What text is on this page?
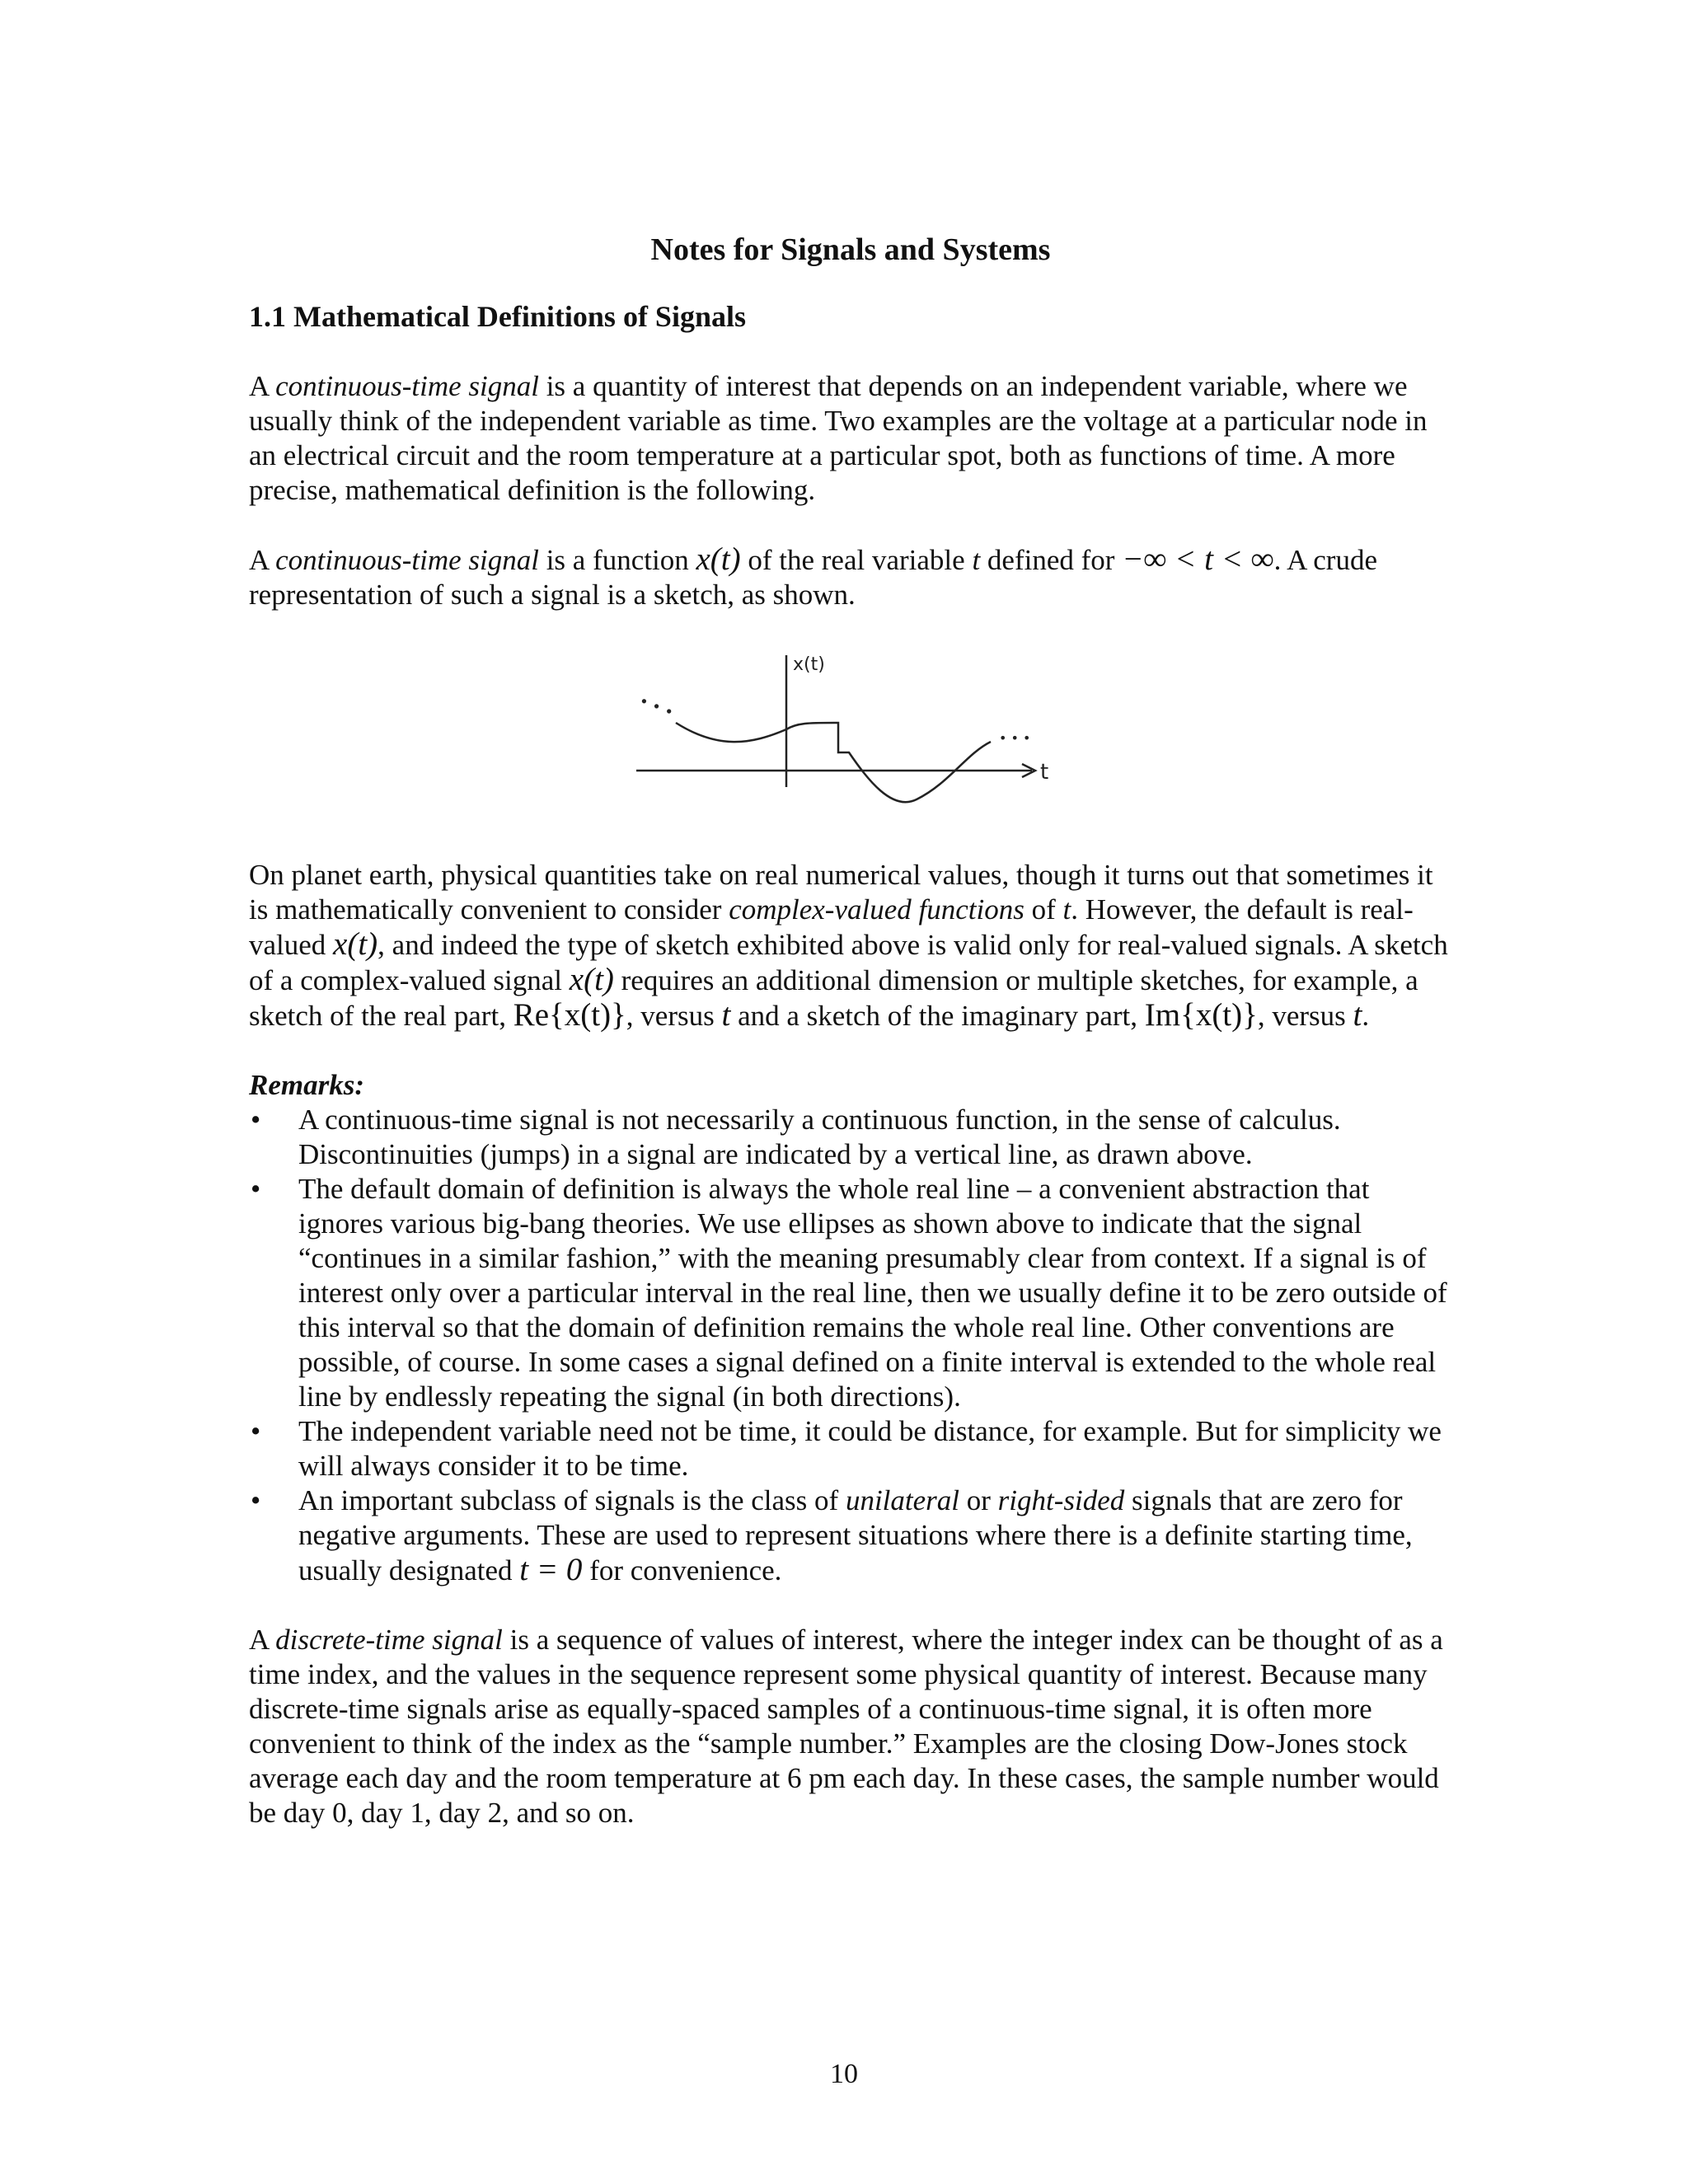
Notes for Signals and Systems
1.1 Mathematical Definitions of Signals

A continuous-time signal is a quantity of interest that depends on an independent variable, where we usually think of the independent variable as time. Two examples are the voltage at a particular node in an electrical circuit and the room temperature at a particular spot, both as functions of time. A more precise, mathematical definition is the following.

A continuous-time signal is a function x(t) of the real variable t defined for −∞ < t < ∞. A crude representation of such a signal is a sketch, as shown.

x(t)
t
• • •
• • •

On planet earth, physical quantities take on real numerical values, though it turns out that sometimes it is mathematically convenient to consider complex-valued functions of t. However, the default is real-valued x(t), and indeed the type of sketch exhibited above is valid only for real-valued signals. A sketch of a complex-valued signal x(t) requires an additional dimension or multiple sketches, for example, a sketch of the real part, Re{x(t)}, versus t and a sketch of the imaginary part, Im{x(t)}, versus t.

Remarks:
• A continuous-time signal is not necessarily a continuous function, in the sense of calculus. Discontinuities (jumps) in a signal are indicated by a vertical line, as drawn above.
• The default domain of definition is always the whole real line – a convenient abstraction that ignores various big-bang theories. We use ellipses as shown above to indicate that the signal “continues in a similar fashion,” with the meaning presumably clear from context. If a signal is of interest only over a particular interval in the real line, then we usually define it to be zero outside of this interval so that the domain of definition remains the whole real line. Other conventions are possible, of course. In some cases a signal defined on a finite interval is extended to the whole real line by endlessly repeating the signal (in both directions).
• The independent variable need not be time, it could be distance, for example. But for simplicity we will always consider it to be time.
• An important subclass of signals is the class of unilateral or right-sided signals that are zero for negative arguments. These are used to represent situations where there is a definite starting time, usually designated t = 0 for convenience.

A discrete-time signal is a sequence of values of interest, where the integer index can be thought of as a time index, and the values in the sequence represent some physical quantity of interest. Because many discrete-time signals arise as equally-spaced samples of a continuous-time signal, it is often more convenient to think of the index as the “sample number.” Examples are the closing Dow-Jones stock average each day and the room temperature at 6 pm each day. In these cases, the sample number would be day 0, day 1, day 2, and so on.

10
